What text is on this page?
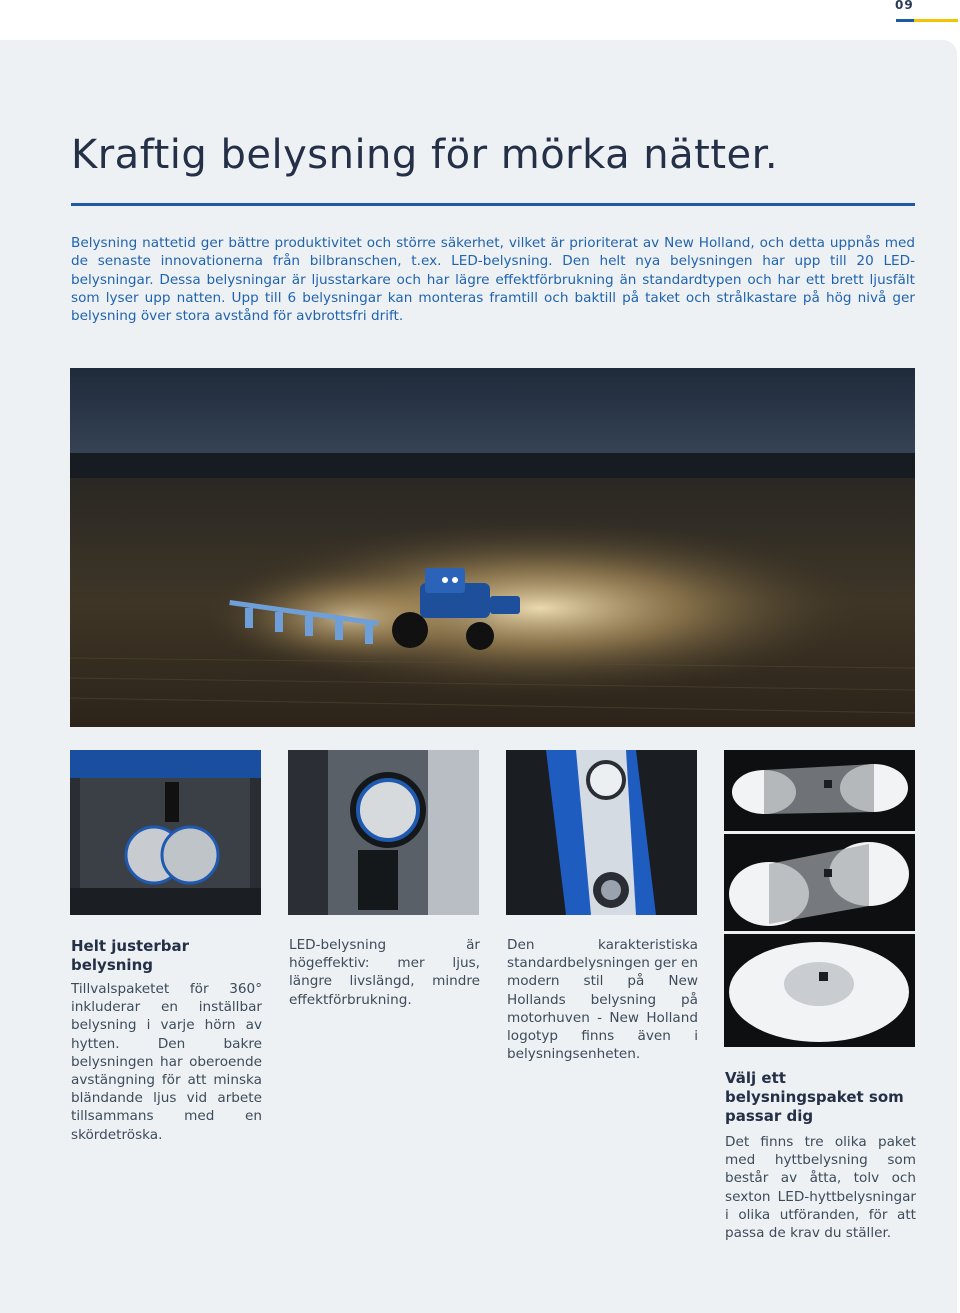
09
Kraftig belysning för mörka nätter.

Belysning nattetid ger bättre produktivitet och större säkerhet, vilket är prioriterat av New Holland, och detta uppnås med de senaste innovationerna från bilbranschen, t.ex. LED-belysning. Den helt nya belysningen har upp till 20 LED-belysningar. Dessa belysningar är ljusstarkare och har lägre effektförbrukning än standardtypen och har ett brett ljusfält som lyser upp natten. Upp till 6 belysningar kan monteras framtill och baktill på taket och strålkastare på hög nivå ger belysning över stora avstånd för avbrottsfri drift.

Helt justerbar belysning

Tillvalspaketet för 360° inkluderar en inställbar belysning i varje hörn av hytten. Den bakre belysningen har oberoende avstängning för att minska bländande ljus vid arbete tillsammans med en skördetröska.

LED-belysning är högeffektiv: mer ljus, längre livslängd, mindre effektförbrukning.

Den karakteristiska standardbelysningen ger en modern stil på New Hollands belysning på motorhuven - New Holland logotyp finns även i belysningsenheten.

Välj ett belysningspaket som passar dig

Det finns tre olika paket med hyttbelysning som består av åtta, tolv och sexton LED-hyttbelysningar i olika utföranden, för att passa de krav du ställer.
